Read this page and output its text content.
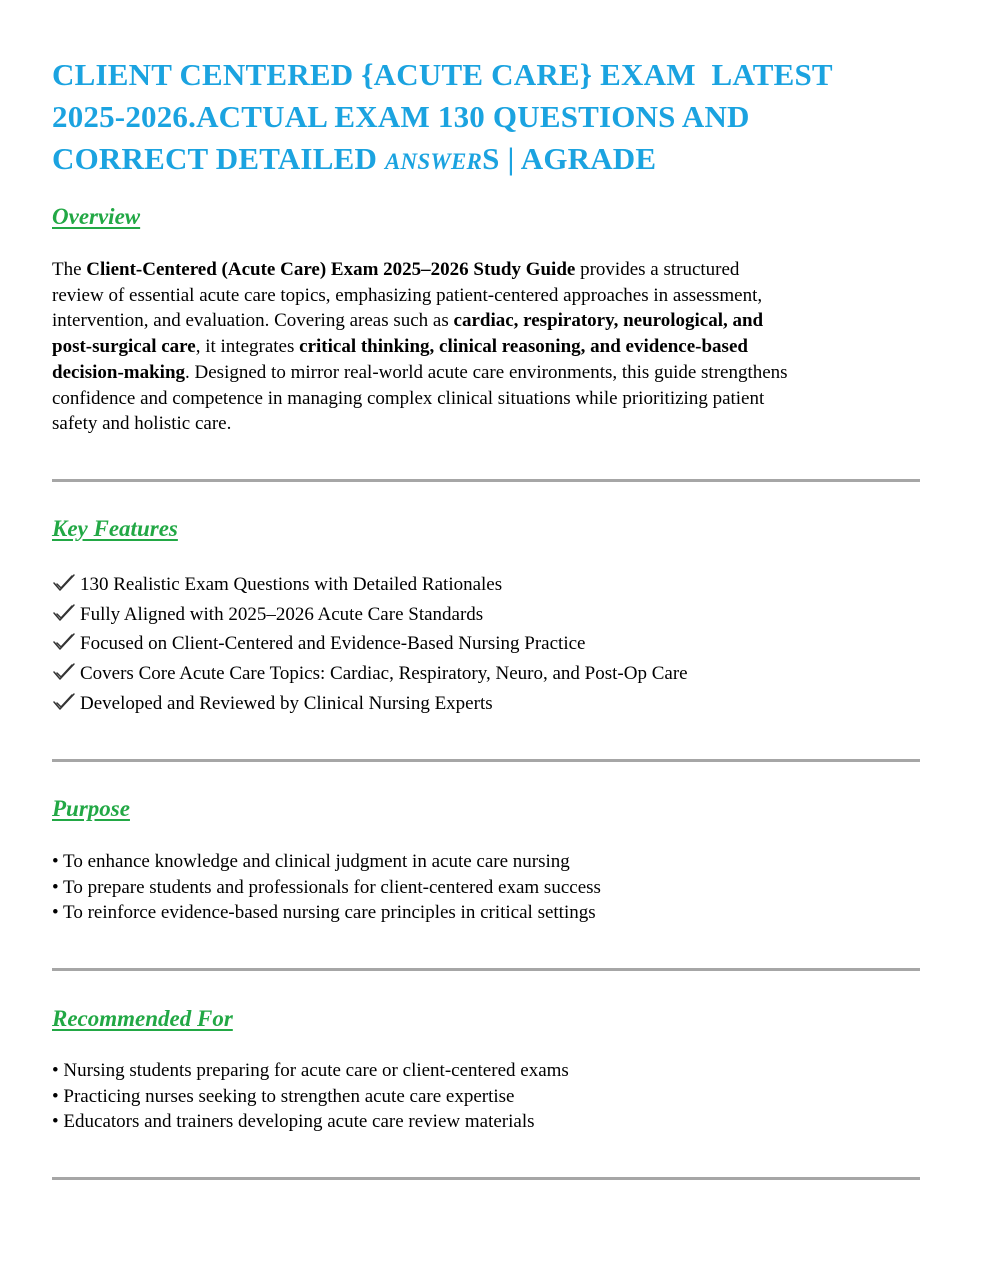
CLIENT CENTERED {ACUTE CARE} EXAM  LATEST
2025-2026.ACTUAL EXAM 130 QUESTIONS AND
CORRECT DETAILED ANSWERS | AGRADE
Overview

The Client-Centered (Acute Care) Exam 2025–2026 Study Guide provides a structured
review of essential acute care topics, emphasizing patient-centered approaches in assessment,
intervention, and evaluation. Covering areas such as cardiac, respiratory, neurological, and
post-surgical care, it integrates critical thinking, clinical reasoning, and evidence-based
decision-making. Designed to mirror real-world acute care environments, this guide strengthens
confidence and competence in managing complex clinical situations while prioritizing patient
safety and holistic care.

Key Features
130 Realistic Exam Questions with Detailed Rationales
Fully Aligned with 2025–2026 Acute Care Standards
Focused on Client-Centered and Evidence-Based Nursing Practice
Covers Core Acute Care Topics: Cardiac, Respiratory, Neuro, and Post-Op Care
Developed and Reviewed by Clinical Nursing Experts
Purpose
• To enhance knowledge and clinical judgment in acute care nursing
• To prepare students and professionals for client-centered exam success
• To reinforce evidence-based nursing care principles in critical settings
Recommended For
• Nursing students preparing for acute care or client-centered exams
• Practicing nurses seeking to strengthen acute care expertise
• Educators and trainers developing acute care review materials
